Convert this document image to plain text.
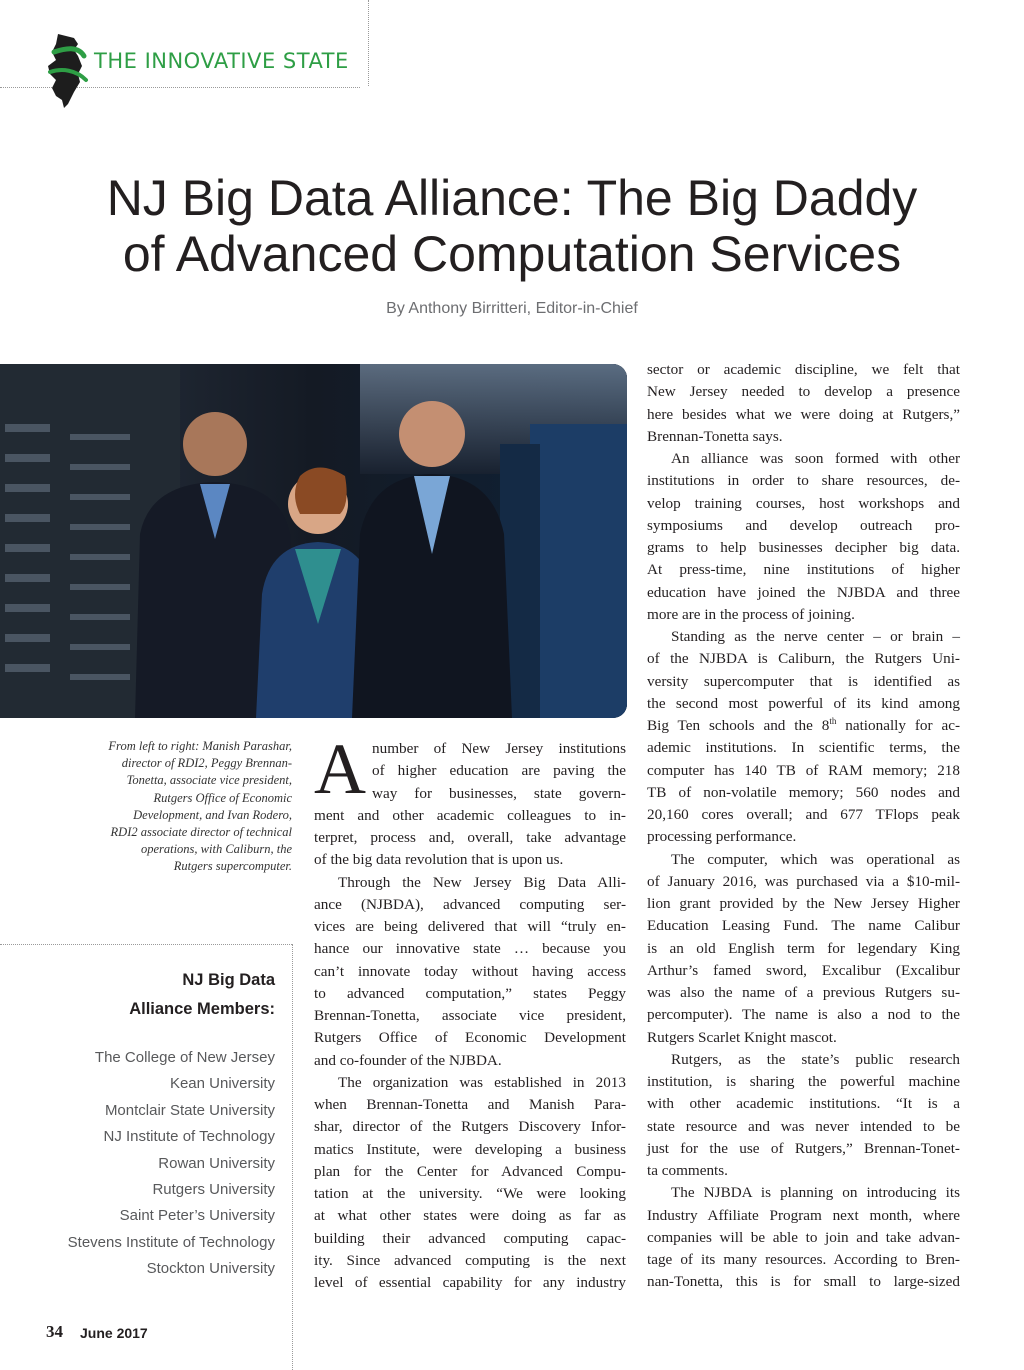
THE INNOVATIVE STATE
NJ Big Data Alliance: The Big Daddy
of Advanced Computation Services
By Anthony Birritteri, Editor-in-Chief
From left to right: Manish Parashar,
director of RDI2, Peggy Brennan-
Tonetta, associate vice president,
Rutgers Office of Economic
Development, and Ivan Rodero,
RDI2 associate director of technical
operations, with Caliburn, the
Rutgers supercomputer.
NJ Big Data
Alliance Members:
The College of New Jersey
Kean University
Montclair State University
NJ Institute of Technology
Rowan University
Rutgers University
Saint Peter’s University
Stevens Institute of Technology
Stockton University
A number of New Jersey institutions
of higher education are paving the
way for businesses, state govern-
ment and other academic colleagues to in-
terpret, process and, overall, take advantage
of the big data revolution that is upon us.
Through the New Jersey Big Data Alli-
ance (NJBDA), advanced computing ser-
vices are being delivered that will “truly en-
hance our innovative state … because you
can’t innovate today without having access
to advanced computation,” states Peggy
Brennan-Tonetta, associate vice president,
Rutgers Office of Economic Development
and co-founder of the NJBDA.
The organization was established in 2013
when Brennan-Tonetta and Manish Para-
shar, director of the Rutgers Discovery Infor-
matics Institute, were developing a business
plan for the Center for Advanced Compu-
tation at the university. “We were looking
at what other states were doing as far as
building their advanced computing capac-
ity. Since advanced computing is the next
level of essential capability for any industry
sector or academic discipline, we felt that
New Jersey needed to develop a presence
here besides what we were doing at Rutgers,”
Brennan-Tonetta says.
An alliance was soon formed with other
institutions in order to share resources, de-
velop training courses, host workshops and
symposiums and develop outreach pro-
grams to help businesses decipher big data.
At press-time, nine institutions of higher
education have joined the NJBDA and three
more are in the process of joining.
Standing as the nerve center – or brain –
of the NJBDA is Caliburn, the Rutgers Uni-
versity supercomputer that is identified as
the second most powerful of its kind among
Big Ten schools and the 8th nationally for ac-
ademic institutions. In scientific terms, the
computer has 140 TB of RAM memory; 218
TB of non-volatile memory; 560 nodes and
20,160 cores overall; and 677 TFlops peak
processing performance.
The computer, which was operational as
of January 2016, was purchased via a $10-mil-
lion grant provided by the New Jersey Higher
Education Leasing Fund. The name Calibur
is an old English term for legendary King
Arthur’s famed sword, Excalibur (Excalibur
was also the name of a previous Rutgers su-
percomputer). The name is also a nod to the
Rutgers Scarlet Knight mascot.
Rutgers, as the state’s public research
institution, is sharing the powerful machine
with other academic institutions. “It is a
state resource and was never intended to be
just for the use of Rutgers,” Brennan-Tonet-
ta comments.
The NJBDA is planning on introducing its
Industry Affiliate Program next month, where
companies will be able to join and take advan-
tage of its many resources. According to Bren-
nan-Tonetta, this is for small to large-sized
34 June 2017
